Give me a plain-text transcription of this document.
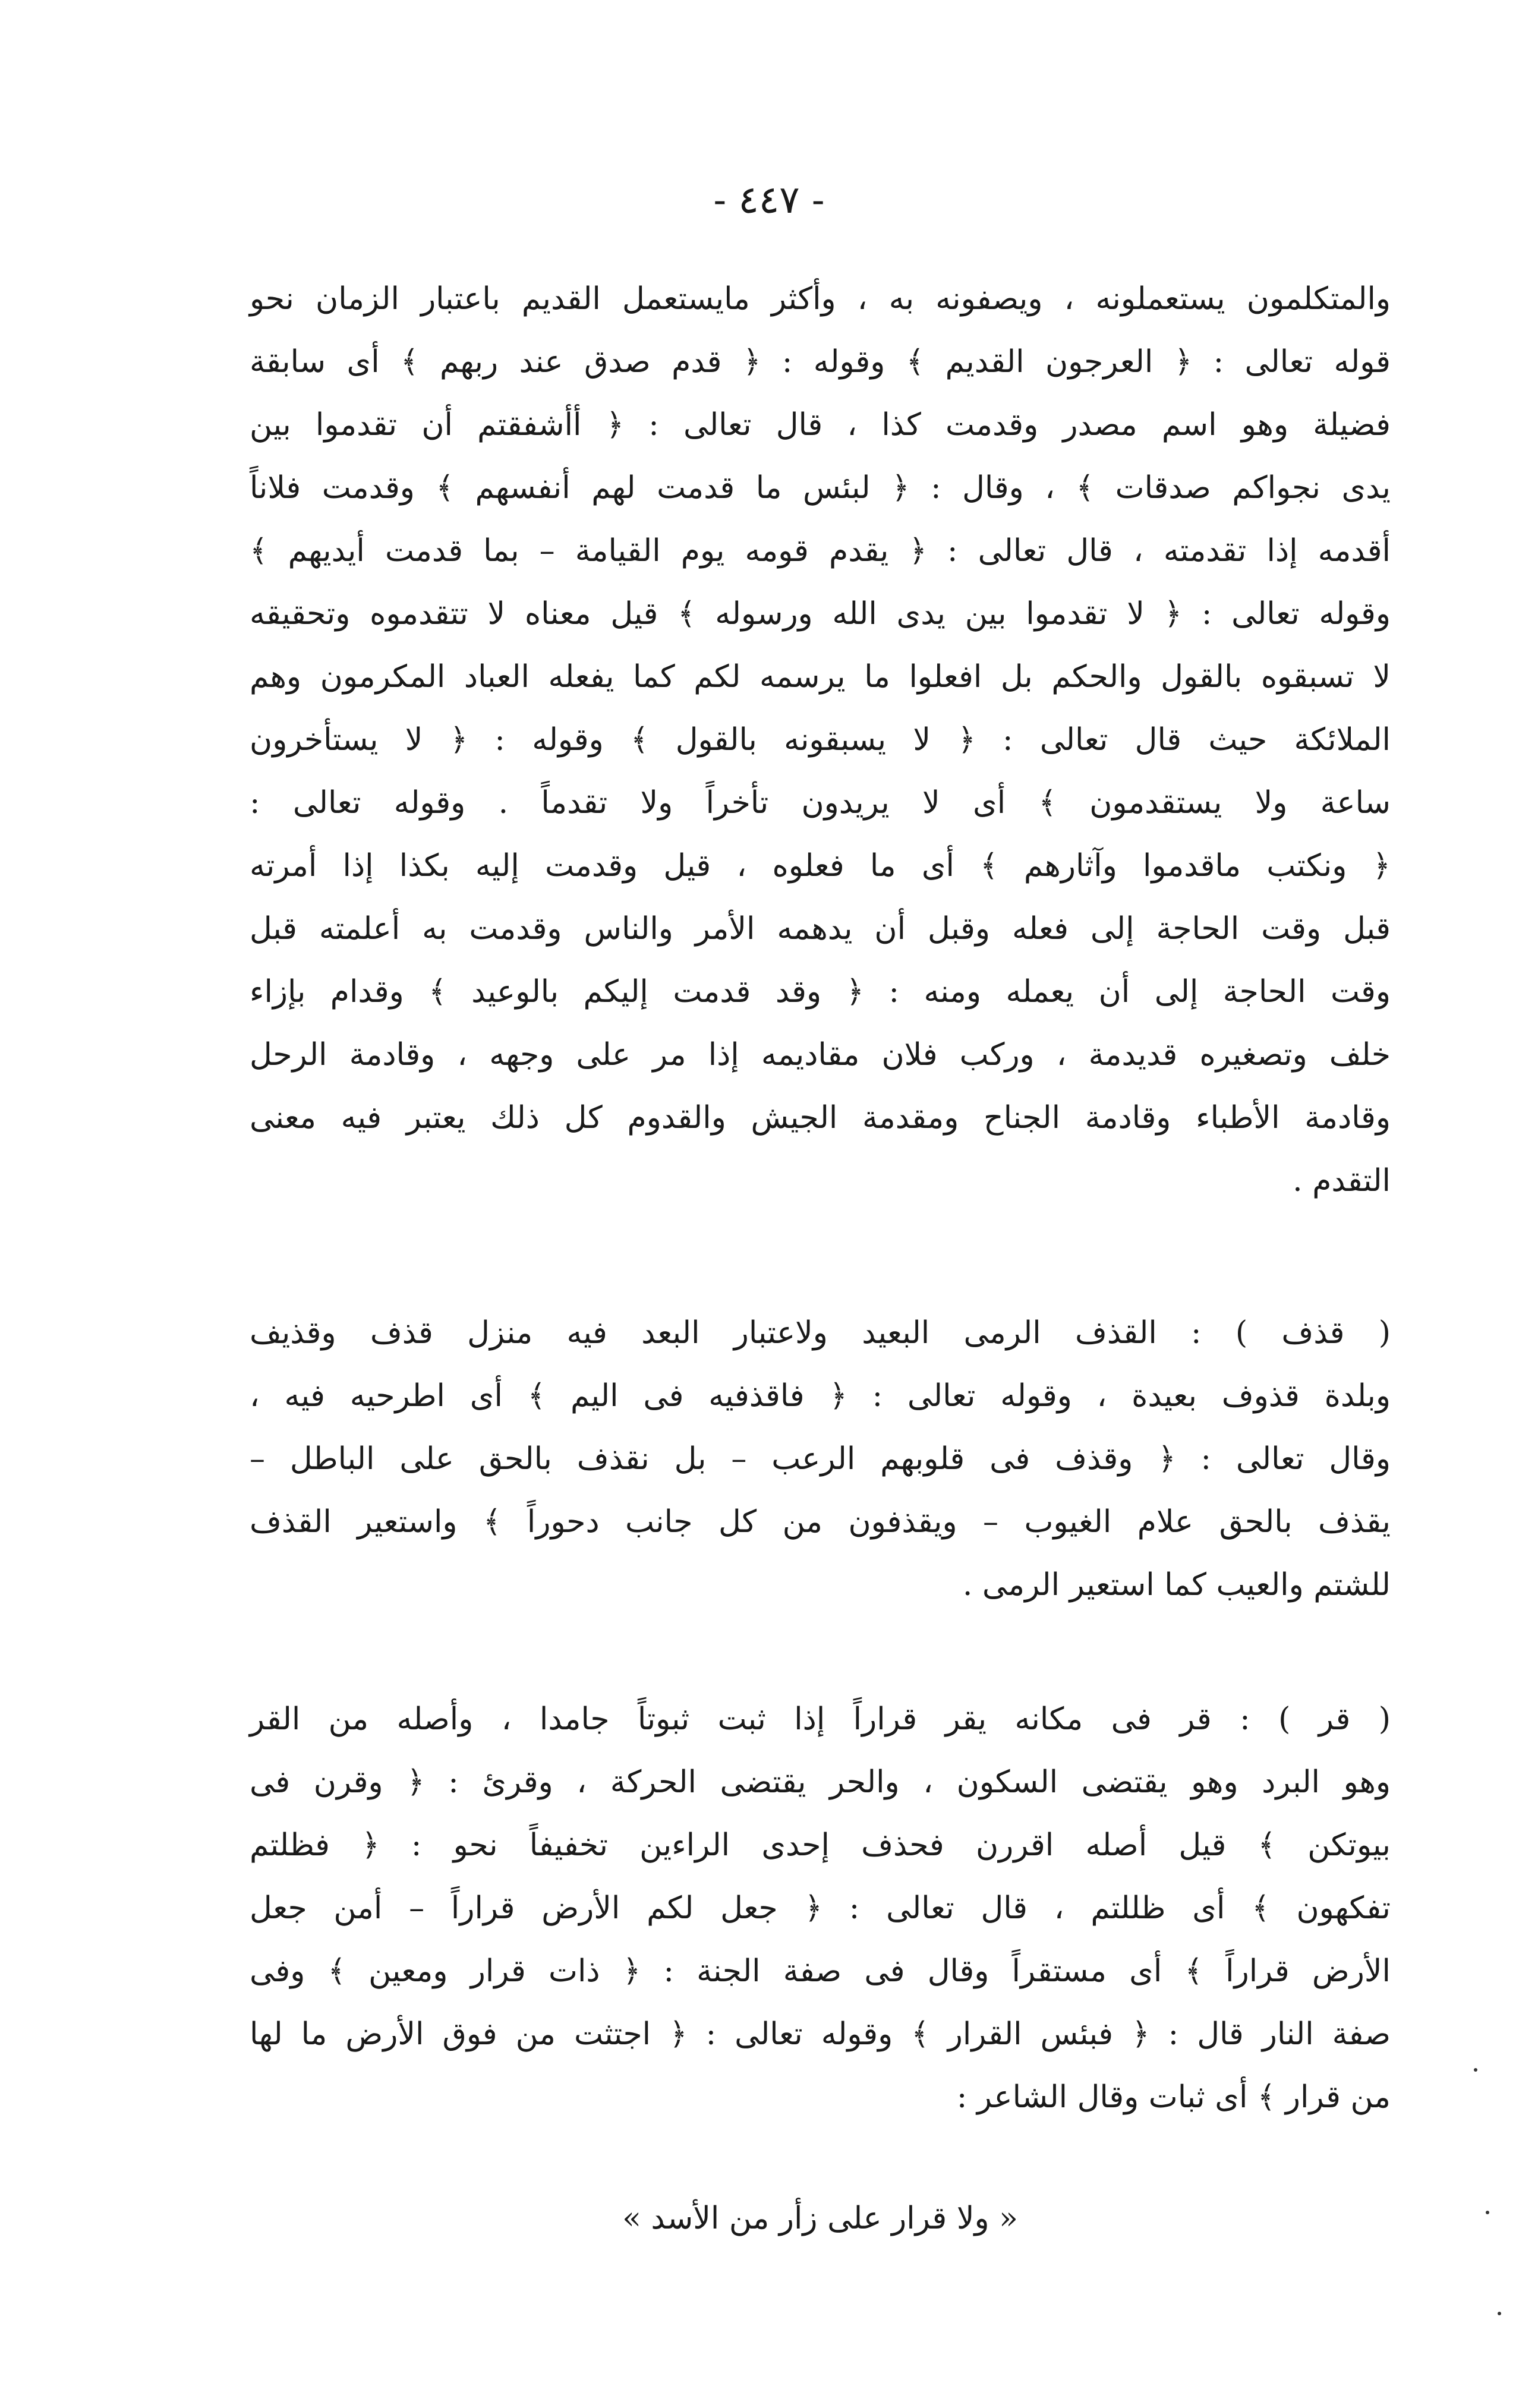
- ٤٤٧ -
والمتكلمون يستعملونه ، ويصفونه به ، وأكثر مايستعمل القديم باعتبار الزمان نحو
قوله تعالى : ﴿ العرجون القديم ﴾ وقوله : ﴿ قدم صدق عند ربهم ﴾ أى سابقة
فضيلة وهو اسم مصدر وقدمت كذا ، قال تعالى : ﴿ أأشفقتم أن تقدموا بين
يدى نجواكم صدقات ﴾ ، وقال : ﴿ لبئس ما قدمت لهم أنفسهم ﴾ وقدمت فلاناً
أقدمه إذا تقدمته ، قال تعالى : ﴿ يقدم قومه يوم القيامة – بما قدمت أيديهم ﴾
وقوله تعالى : ﴿ لا تقدموا بين يدى الله ورسوله ﴾ قيل معناه لا تتقدموه وتحقيقه
لا تسبقوه بالقول والحكم بل افعلوا ما يرسمه لكم كما يفعله العباد المكرمون وهم
الملائكة حيث قال تعالى : ﴿ لا يسبقونه بالقول ﴾ وقوله : ﴿ لا يستأخرون
ساعة ولا يستقدمون ﴾ أى لا يريدون تأخراً ولا تقدماً . وقوله تعالى :
﴿ ونكتب ماقدموا وآثارهم ﴾ أى ما فعلوه ، قيل وقدمت إليه بكذا إذا أمرته
قبل وقت الحاجة إلى فعله وقبل أن يدهمه الأمر والناس وقدمت به أعلمته قبل
وقت الحاجة إلى أن يعمله ومنه : ﴿ وقد قدمت إليكم بالوعيد ﴾ وقدام بإزاء
خلف وتصغيره قديدمة ، وركب فلان مقاديمه إذا مر على وجهه ، وقادمة الرحل
وقادمة الأطباء وقادمة الجناح ومقدمة الجيش والقدوم كل ذلك يعتبر فيه معنى
التقدم .
( قذف ) : القذف الرمى البعيد ولاعتبار البعد فيه منزل قذف وقذيف
وبلدة قذوف بعيدة ، وقوله تعالى : ﴿ فاقذفيه فى اليم ﴾ أى اطرحيه فيه ،
وقال تعالى : ﴿ وقذف فى قلوبهم الرعب – بل نقذف بالحق على الباطل –
يقذف بالحق علام الغيوب – ويقذفون من كل جانب دحوراً ﴾ واستعير القذف
للشتم والعيب كما استعير الرمى .
( قر ) : قر فى مكانه يقر قراراً إذا ثبت ثبوتاً جامدا ، وأصله من القر
وهو البرد وهو يقتضى السكون ، والحر يقتضى الحركة ، وقرئ : ﴿ وقرن فى
بيوتكن ﴾ قيل أصله اقررن فحذف إحدى الراءين تخفيفاً نحو : ﴿ فظلتم
تفكهون ﴾ أى ظللتم ، قال تعالى : ﴿ جعل لكم الأرض قراراً – أمن جعل
الأرض قراراً ﴾ أى مستقراً وقال فى صفة الجنة : ﴿ ذات قرار ومعين ﴾ وفى
صفة النار قال : ﴿ فبئس القرار ﴾ وقوله تعالى : ﴿ اجتثت من فوق الأرض ما لها
من قرار ﴾ أى ثبات وقال الشاعر :
« ولا قرار على زأر من الأسد »
